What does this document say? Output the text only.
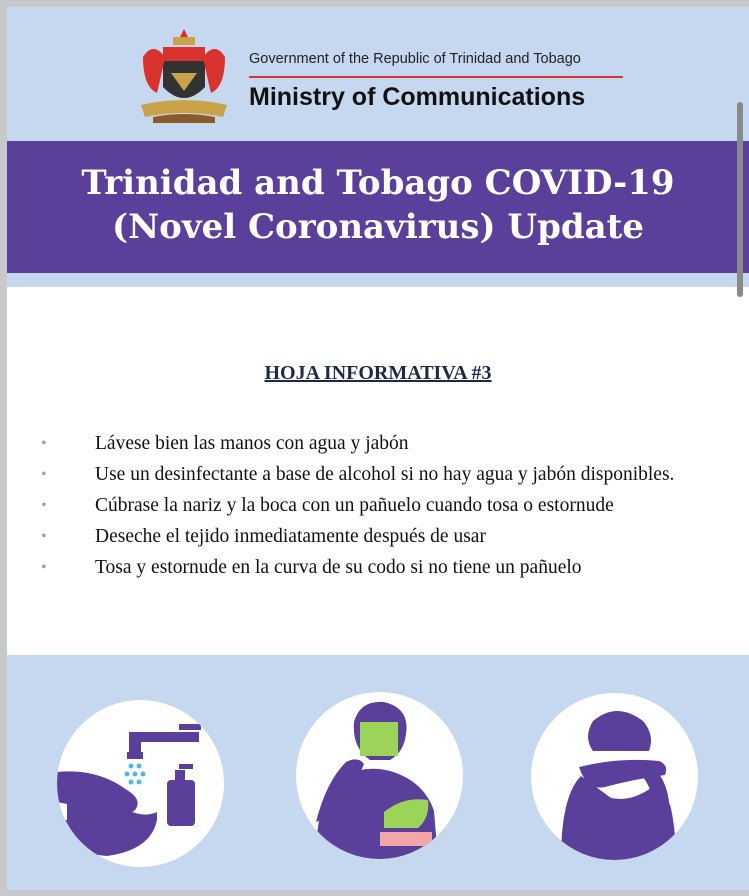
Government of the Republic of Trinidad and Tobago
Ministry of Communications
Trinidad and Tobago COVID-19
(Novel Coronavirus) Update
HOJA INFORMATIVA #3
• Lávese bien las manos con agua y jabón
• Use un desinfectante a base de alcohol si no hay agua y jabón disponibles.
• Cúbrase la nariz y la boca con un pañuelo cuando tosa o estornude
• Deseche el tejido inmediatamente después de usar
• Tosa y estornude en la curva de su codo si no tiene un pañuelo
